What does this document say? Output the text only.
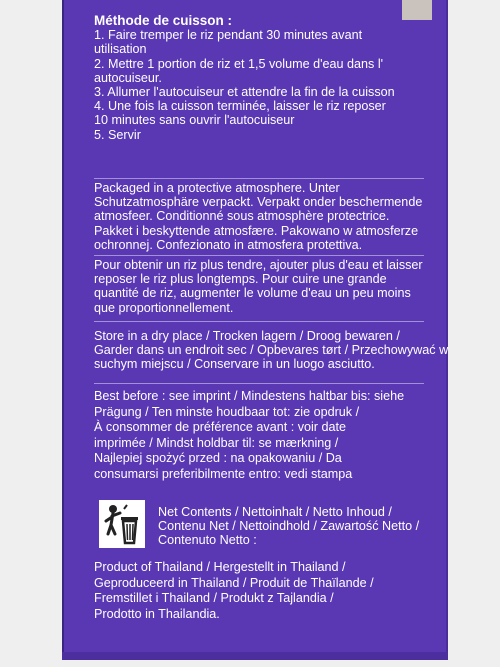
Méthode de cuisson :
1. Faire tremper le riz pendant 30 minutes avant
utilisation
2. Mettre 1 portion de riz et 1,5 volume d'eau dans l'
autocuiseur.
3. Allumer l'autocuiseur et attendre la fin de la cuisson
4. Une fois la cuisson terminée, laisser le riz reposer
10 minutes sans ouvrir l'autocuiseur
5. Servir
Packaged in a protective atmosphere. Unter
Schutzatmosphäre verpackt. Verpakt onder beschermende
atmosfeer. Conditionné sous atmosphère protectrice.
Pakket i beskyttende atmosfære. Pakowano w atmosferze
ochronnej. Confezionato in atmosfera protettiva.
Pour obtenir un riz plus tendre, ajouter plus d'eau et laisser
reposer le riz plus longtemps. Pour cuire une grande
quantité de riz, augmenter le volume d'eau un peu moins
que proportionnellement.
Store in a dry place / Trocken lagern / Droog bewaren /
Garder dans un endroit sec / Opbevares tørt / Przechowywać w
suchym miejscu / Conservare in un luogo asciutto.
Best before : see imprint / Mindestens haltbar bis: siehe
Prägung / Ten minste houdbaar tot: zie opdruk /
À consommer de préférence avant : voir date
imprimée / Mindst holdbar til: se mærkning /
Najlepiej spożyć przed : na opakowaniu / Da
consumarsi preferibilmente entro: vedi stampa
Net Contents / Nettoinhalt / Netto Inhoud /
Contenu Net / Nettoindhold / Zawartość Netto /
Contenuto Netto :
Product of Thailand / Hergestellt in Thailand /
Geproduceerd in Thailand / Produit de Thaïlande /
Fremstillet i Thailand / Produkt z Tajlandia /
Prodotto in Thailandia.
